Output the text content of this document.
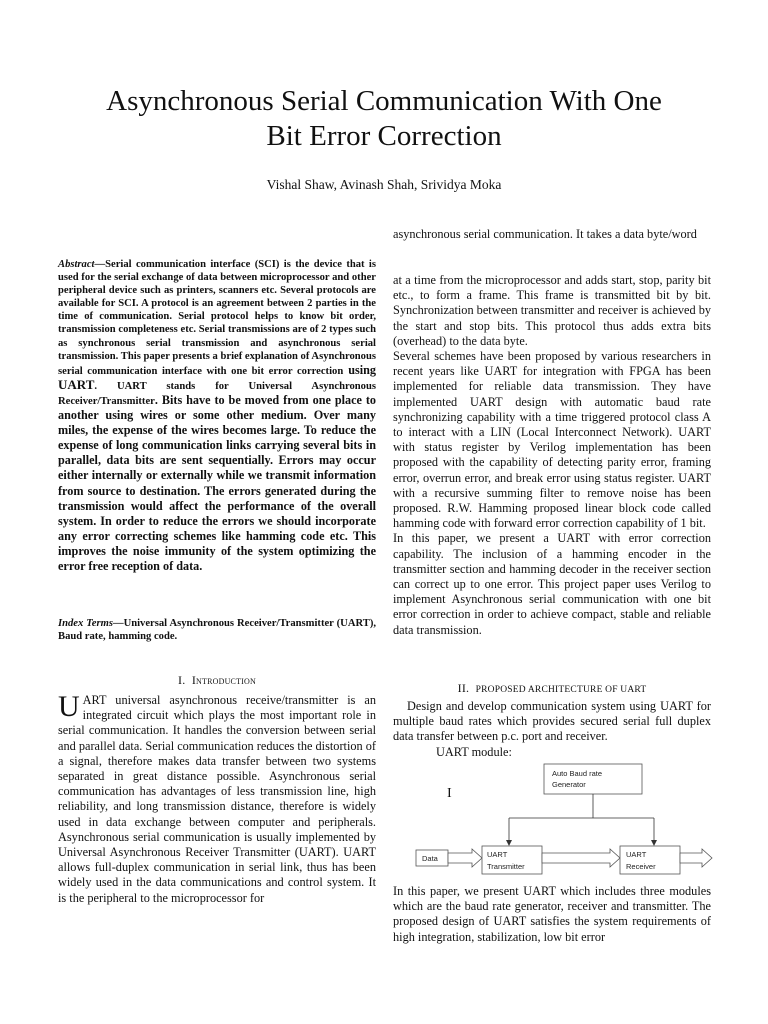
Asynchronous Serial Communication With One
Bit Error Correction
Vishal Shaw, Avinash Shah, Srividya Moka

Abstract—Serial communication interface (SCI) is the device that is used for the serial exchange of data between microprocessor and other peripheral device such as printers, scanners etc. Several protocols are available for SCI. A protocol is an agreement between 2 parties in the time of communication. Serial protocol helps to know bit order, transmission completeness etc. Serial transmissions are of 2 types such as synchronous serial transmission and asynchronous serial transmission. This paper presents a brief explanation of Asynchronous serial communication interface with one bit error correction using UART. UART stands for Universal Asynchronous Receiver/Transmitter. Bits have to be moved from one place to another using wires or some other medium. Over many miles, the expense of the wires becomes large. To reduce the expense of long communication links carrying several bits in parallel, data bits are sent sequentially. Errors may occur either internally or externally while we transmit information from source to destination. The errors generated during the transmission would affect the performance of the overall system. In order to reduce the errors we should incorporate any error correcting schemes like hamming code etc. This improves the noise immunity of the system optimizing the error free reception of data.

Index Terms—Universal Asynchronous Receiver/Transmitter (UART), Baud rate, hamming code.

I. Introduction

UART universal asynchronous receive/transmitter is an integrated circuit which plays the most important role in serial communication. It handles the conversion between serial and parallel data. Serial communication reduces the distortion of a signal, therefore makes data transfer between two systems separated in great distance possible. Asynchronous serial communication has advantages of less transmission line, high reliability, and long transmission distance, therefore is widely used in data exchange between computer and peripherals. Asynchronous serial communication is usually implemented by Universal Asynchronous Receiver Transmitter (UART). UART allows full-duplex communication in serial link, thus has been widely used in the data communications and control system. It is the peripheral to the microprocessor for

asynchronous serial communication. It takes a data byte/word

at a time from the microprocessor and adds start, stop, parity bit etc., to form a frame. This frame is transmitted bit by bit. Synchronization between transmitter and receiver is achieved by the start and stop bits. This protocol thus adds extra bits (overhead) to the data byte.

Several schemes have been proposed by various researchers in recent years like UART for integration with FPGA has been implemented for reliable data transmission. They have implemented UART design with automatic baud rate synchronizing capability with a time triggered protocol class A to interact with a LIN (Local Interconnect Network). UART with status register by Verilog implementation has been proposed with the capability of detecting parity error, framing error, overrun error, and break error using status register. UART with a recursive summing filter to remove noise has been proposed. R.W. Hamming proposed linear block code called hamming code with forward error correction capability of 1 bit.

In this paper, we present a UART with error correction capability. The inclusion of a hamming encoder in the transmitter section and hamming decoder in the receiver section can correct up to one error. This project paper uses Verilog to implement Asynchronous serial communication with one bit error correction in order to achieve compact, stable and reliable data transmission.

II. PROPOSED ARCHITECTURE OF UART

Design and develop communication system using UART for multiple baud rates which provides secured serial full duplex data transfer between p.c. port and receiver.

UART module:
I
Auto Baud rate
Generator
Data	UART
Transmitter
UART
Receiver

In this paper, we present UART which includes three modules which are the baud rate generator, receiver and transmitter. The proposed design of UART satisfies the system requirements of high integration, stabilization, low bit error
